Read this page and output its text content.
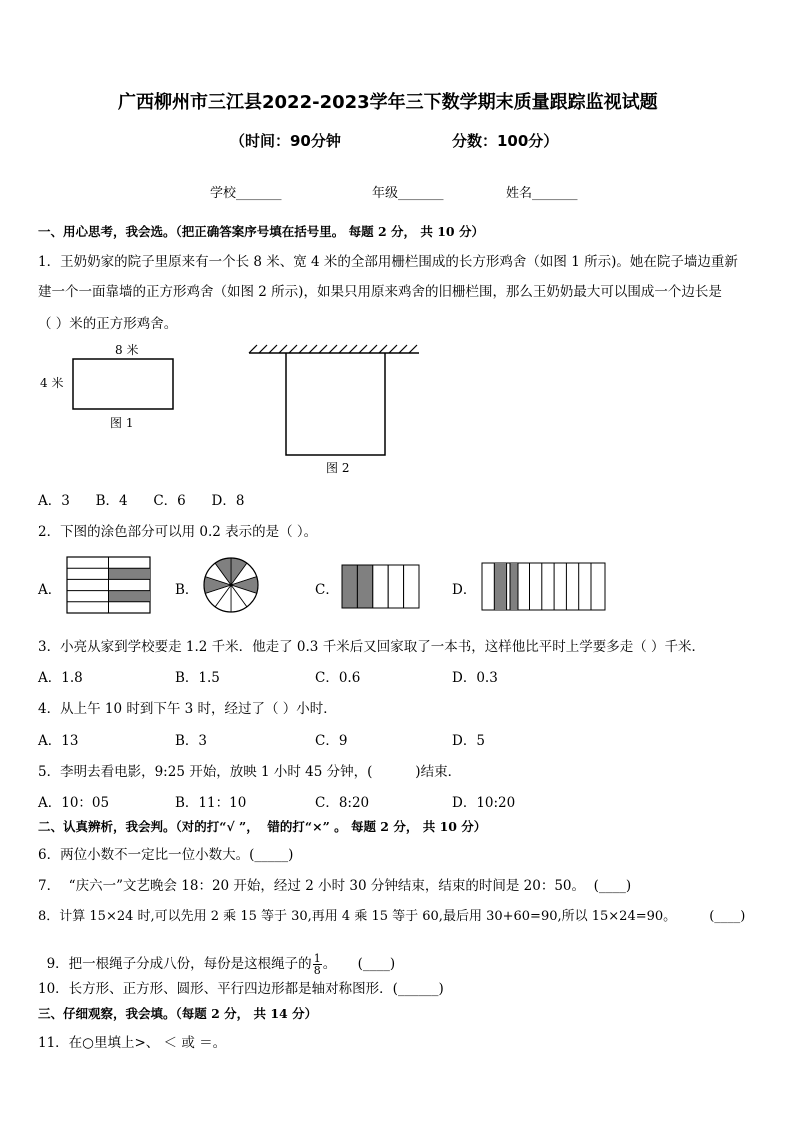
广西柳州市三江县2022-2023学年三下数学期末质量跟踪监视试题
（时间：90分钟	分数：100分）
学校_______	年级_______	姓名_______
一、用心思考，我会选。（把正确答案序号填在括号里。 每题 2 分， 共 10 分）
1．王奶奶家的院子里原来有一个长 8 米、宽 4 米的全部用栅栏围成的长方形鸡舍（如图 1 所示)。她在院子墙边重新
建一个一面靠墙的正方形鸡舍（如图 2 所示)，如果只用原来鸡舍的旧栅栏围，那么王奶奶最大可以围成一个边长是
（ ）米的正方形鸡舍。
8 米
4 米
图 1
图 2
A．3      B．4      C．6      D．8
2．下图的涂色部分可以用 0.2 表示的是（ ）。
A．	B．	C．	D．
3．小亮从家到学校要走 1.2 千米．他走了 0.3 千米后又回家取了一本书，这样他比平时上学要多走（ ）千米．
A．1.8	B．1.5	C．0.6	D．0.3
4．从上午 10 时到下午 3 时，经过了（ ）小时．
A．13	B．3	C．9	D．5
5．李明去看电影，9:25 开始，放映 1 小时 45 分钟，(          )结束．
A．10：05	B．11：10	C．8:20	D．10:20
二、认真辨析，我会判。（对的打“√ ”，  错的打“×” 。 每题 2 分， 共 10 分）
6．两位小数不一定比一位小数大。(_____)
7．  “庆六一”文艺晚会 18：20 开始，经过 2 小时 30 分钟结束，结束的时间是 20：50。  (____)
8．计算 15×24 时,可以先用 2 乘 15 等于 30,再用 4 乘 15 等于 60,最后用 30+60=90,所以 15×24=90。        (____)

9．把一根绳子分成八份，每份是这根绳子的 $\frac{1}{8}$ 。     (____)

10．长方形、正方形、圆形、平行四边形都是轴对称图形．(______)
三、仔细观察，我会填。（每题 2 分， 共 14 分）
11．在○里填上>、 ＜ 或 ＝。
